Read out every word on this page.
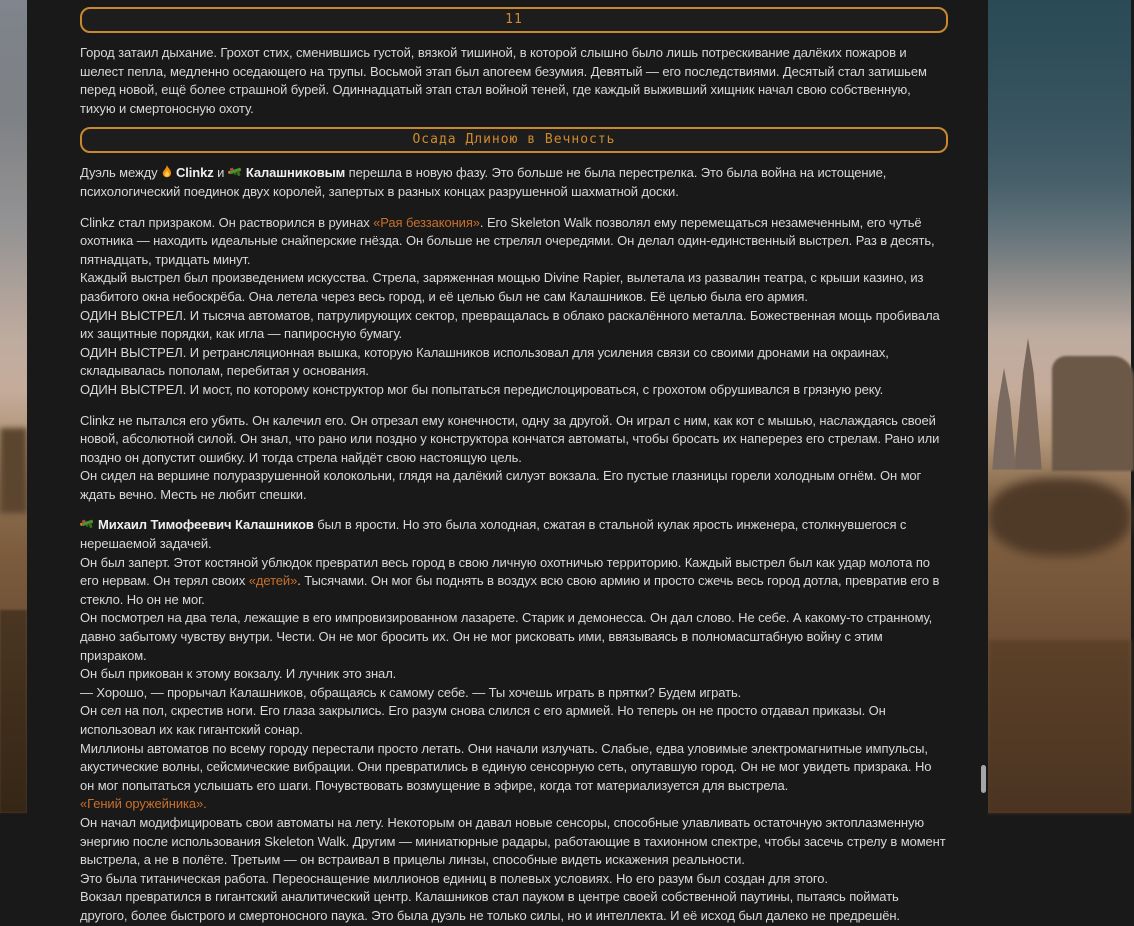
11

Город затаил дыхание. Грохот стих, сменившись густой, вязкой тишиной, в которой слышно было лишь потрескивание далёких пожаров и шелест пепла, медленно оседающего на трупы. Восьмой этап был апогеем безумия. Девятый — его последствиями. Десятый стал затишьем перед новой, ещё более страшной бурей. Одиннадцатый этап стал войной теней, где каждый выживший хищник начал свою собственную, тихую и смертоносную охоту.

Осада Длиною в Вечность

Дуэль между Clinkz и Калашниковым перешла в новую фазу. Это больше не была перестрелка. Это была война на истощение, психологический поединок двух королей, запертых в разных концах разрушенной шахматной доски.

Clinkz стал призраком. Он растворился в руинах «Рая беззакония». Его Skeleton Walk позволял ему перемещаться незамеченным, его чутьё охотника — находить идеальные снайперские гнёзда. Он больше не стрелял очередями. Он делал один-единственный выстрел. Раз в десять, пятнадцать, тридцать минут.

Каждый выстрел был произведением искусства. Стрела, заряженная мощью Divine Rapier, вылетала из развалин театра, с крыши казино, из разбитого окна небоскрёба. Она летела через весь город, и её целью был не сам Калашников. Её целью была его армия.

ОДИН ВЫСТРЕЛ. И тысяча автоматов, патрулирующих сектор, превращалась в облако раскалённого металла. Божественная мощь пробивала их защитные порядки, как игла — папиросную бумагу.

ОДИН ВЫСТРЕЛ. И ретрансляционная вышка, которую Калашников использовал для усиления связи со своими дронами на окраинах, складывалась пополам, перебитая у основания.

ОДИН ВЫСТРЕЛ. И мост, по которому конструктор мог бы попытаться передислоцироваться, с грохотом обрушивался в грязную реку.

Clinkz не пытался его убить. Он калечил его. Он отрезал ему конечности, одну за другой. Он играл с ним, как кот с мышью, наслаждаясь своей новой, абсолютной силой. Он знал, что рано или поздно у конструктора кончатся автоматы, чтобы бросать их наперерез его стрелам. Рано или поздно он допустит ошибку. И тогда стрела найдёт свою настоящую цель.

Он сидел на вершине полуразрушенной колокольни, глядя на далёкий силуэт вокзала. Его пустые глазницы горели холодным огнём. Он мог ждать вечно. Месть не любит спешки.

Михаил Тимофеевич Калашников был в ярости. Но это была холодная, сжатая в стальной кулак ярость инженера, столкнувшегося с нерешаемой задачей.

Он был заперт. Этот костяной ублюдок превратил весь город в свою личную охотничью территорию. Каждый выстрел был как удар молота по его нервам. Он терял своих «детей». Тысячами. Он мог бы поднять в воздух всю свою армию и просто сжечь весь город дотла, превратив его в стекло. Но он не мог.

Он посмотрел на два тела, лежащие в его импровизированном лазарете. Старик и демонесса. Он дал слово. Не себе. А какому-то странному, давно забытому чувству внутри. Чести. Он не мог бросить их. Он не мог рисковать ими, ввязываясь в полномасштабную войну с этим призраком.

Он был прикован к этому вокзалу. И лучник это знал.

— Хорошо, — прорычал Калашников, обращаясь к самому себе. — Ты хочешь играть в прятки? Будем играть.

Он сел на пол, скрестив ноги. Его глаза закрылись. Его разум снова слился с его армией. Но теперь он не просто отдавал приказы. Он использовал их как гигантский сонар.

Миллионы автоматов по всему городу перестали просто летать. Они начали излучать. Слабые, едва уловимые электромагнитные импульсы, акустические волны, сейсмические вибрации. Они превратились в единую сенсорную сеть, опутавшую город. Он не мог увидеть призрака. Но он мог попытаться услышать его шаги. Почувствовать возмущение в эфире, когда тот материализуется для выстрела.

«Гений оружейника».

Он начал модифицировать свои автоматы на лету. Некоторым он давал новые сенсоры, способные улавливать остаточную эктоплазменную энергию после использования Skeleton Walk. Другим — миниатюрные радары, работающие в тахионном спектре, чтобы засечь стрелу в момент выстрела, а не в полёте. Третьим — он встраивал в прицелы линзы, способные видеть искажения реальности.

Это была титаническая работа. Переоснащение миллионов единиц в полевых условиях. Но его разум был создан для этого.

Вокзал превратился в гигантский аналитический центр. Калашников стал пауком в центре своей собственной паутины, пытаясь поймать другого, более быстрого и смертоносного паука. Это была дуэль не только силы, но и интеллекта. И её исход был далеко не предрешён.
